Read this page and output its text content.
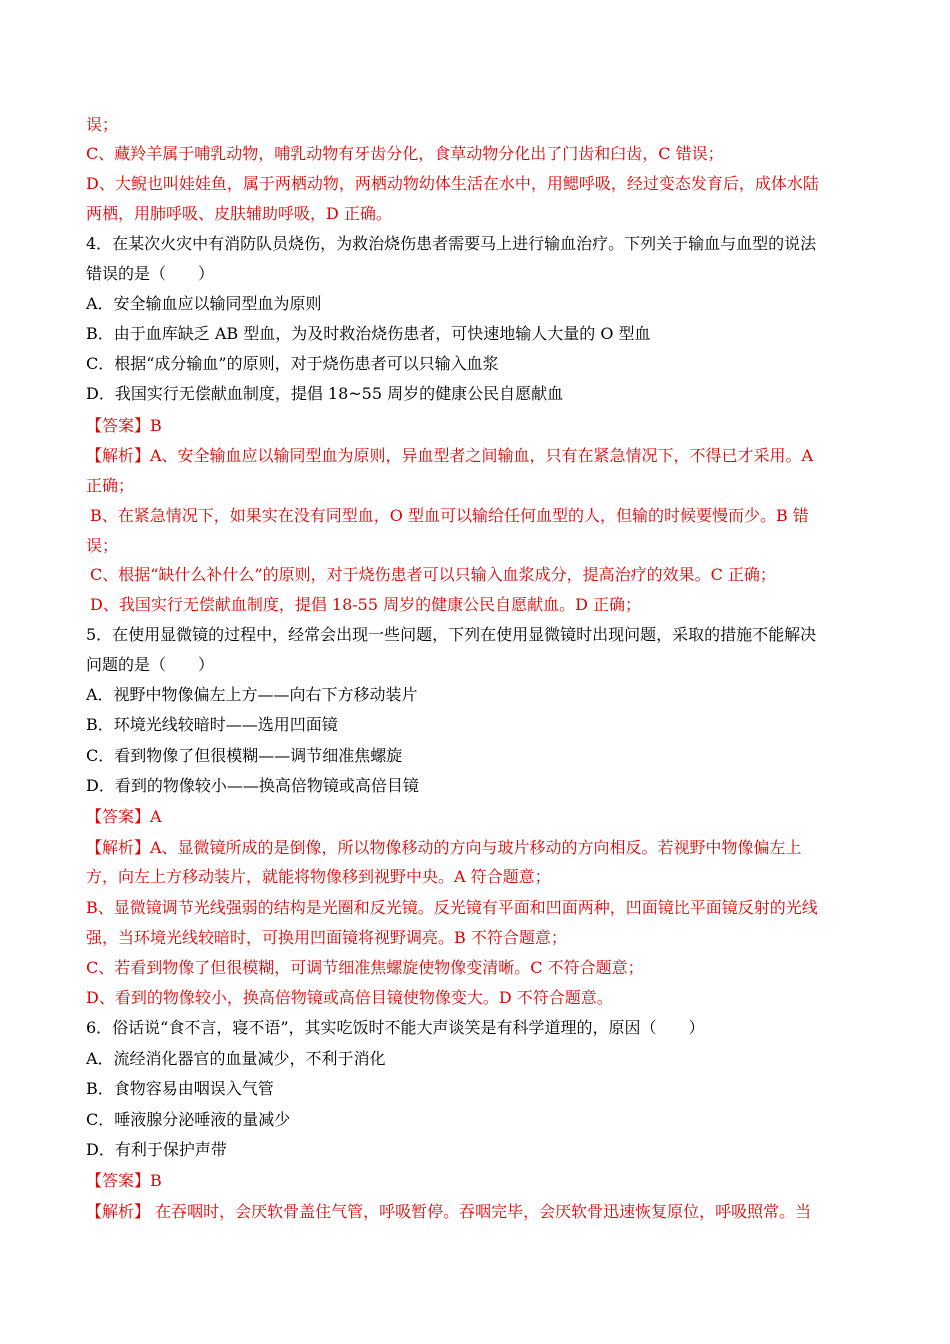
误；
C、藏羚羊属于哺乳动物，哺乳动物有牙齿分化，食草动物分化出了门齿和臼齿，C 错误；
D、大鲵也叫娃娃鱼，属于两栖动物，两栖动物幼体生活在水中，用鳃呼吸，经过变态发育后，成体水陆
两栖，用肺呼吸、皮肤辅助呼吸，D 正确。
4．在某次火灾中有消防队员烧伤，为救治烧伤患者需要马上进行输血治疗。下列关于输血与血型的说法
错误的是（　　）
A．安全输血应以输同型血为原则
B．由于血库缺乏 AB 型血，为及时救治烧伤患者，可快速地输人大量的 O 型血
C．根据“成分输血”的原则，对于烧伤患者可以只输入血浆
D．我国实行无偿献血制度，提倡 18~55 周岁的健康公民自愿献血
【答案】B
【解析】A、安全输血应以输同型血为原则，异血型者之间输血，只有在紧急情况下，不得已才采用。A
正确；
B、在紧急情况下，如果实在没有同型血，O 型血可以输给任何血型的人，但输的时候要慢而少。B 错
误；
C、根据“缺什么补什么”的原则，对于烧伤患者可以只输入血浆成分，提高治疗的效果。C 正确；
D、我国实行无偿献血制度，提倡 18-55 周岁的健康公民自愿献血。D 正确；
5．在使用显微镜的过程中，经常会出现一些问题，下列在使用显微镜时出现问题，采取的措施不能解决
问题的是（　　）
A．视野中物像偏左上方——向右下方移动装片
B．环境光线较暗时——选用凹面镜
C．看到物像了但很模糊——调节细准焦螺旋
D．看到的物像较小——换高倍物镜或高倍目镜
【答案】A
【解析】A、显微镜所成的是倒像，所以物像移动的方向与玻片移动的方向相反。若视野中物像偏左上
方，向左上方移动装片，就能将物像移到视野中央。A 符合题意；
B、显微镜调节光线强弱的结构是光圈和反光镜。反光镜有平面和凹面两种，凹面镜比平面镜反射的光线
强，当环境光线较暗时，可换用凹面镜将视野调亮。B 不符合题意；
C、若看到物像了但很模糊，可调节细准焦螺旋使物像变清晰。C 不符合题意；
D、看到的物像较小，换高倍物镜或高倍目镜使物像变大。D 不符合题意。
6．俗话说“食不言，寝不语”，其实吃饭时不能大声谈笑是有科学道理的，原因（　　）
A．流经消化器官的血量减少，不利于消化
B．食物容易由咽误入气管
C．唾液腺分泌唾液的量减少
D．有利于保护声带
【答案】B
【解析】 在吞咽时，会厌软骨盖住气管，呼吸暂停。吞咽完毕，会厌软骨迅速恢复原位，呼吸照常。当
